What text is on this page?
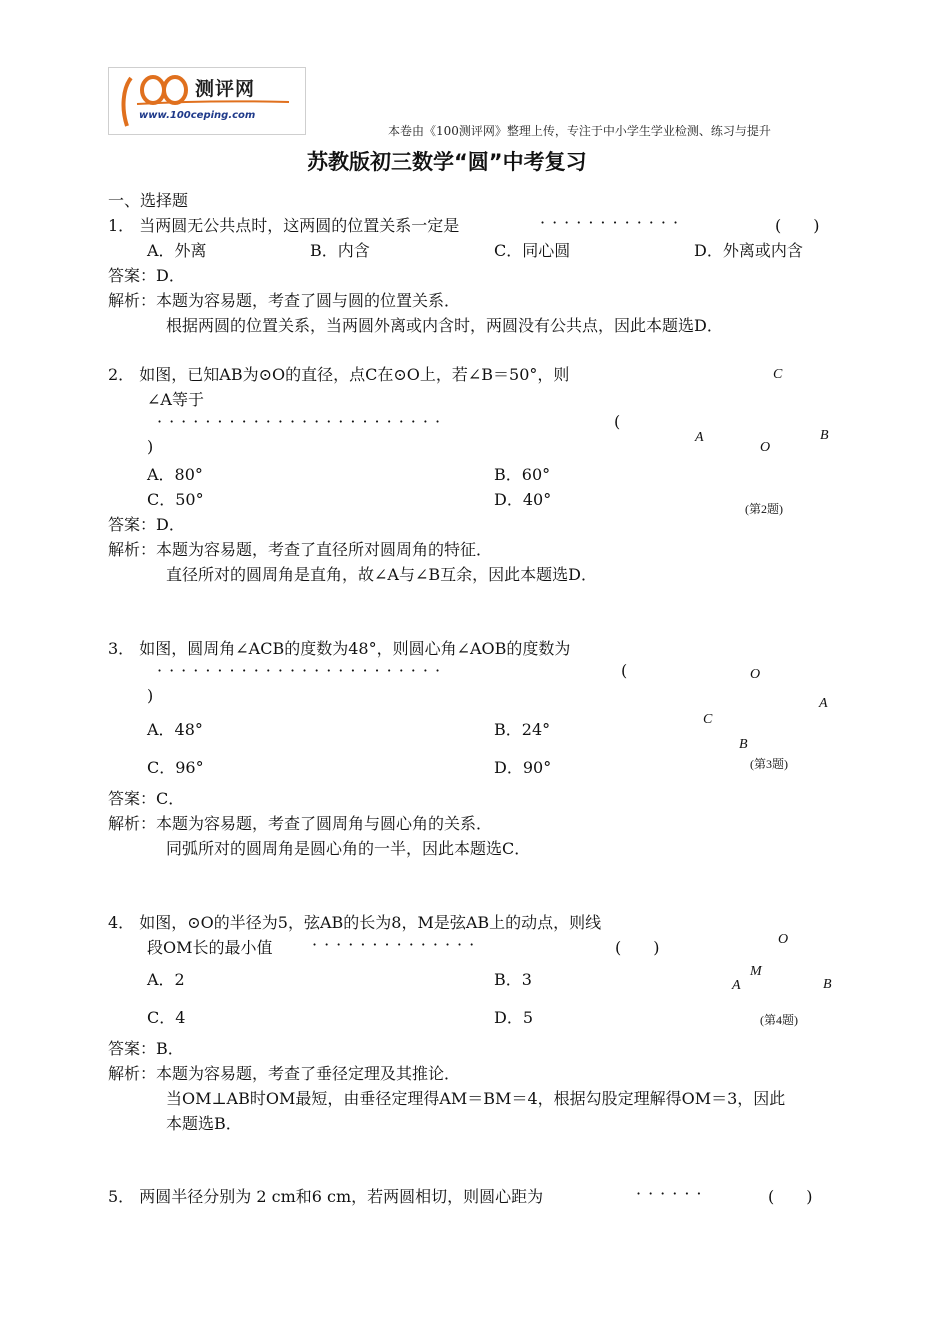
测评网
www.100ceping.com
本卷由《100测评网》整理上传，专注于中小学生学业检测、练习与提升
苏教版初三数学“圆”中考复习
一、选择题
1． 当两圆无公共点时，这两圆的位置关系一定是	············	(　　)
A．外离	B．内含	C．同心圆	D．外离或内含
答案：D．
解析：本题为容易题，考查了圆与圆的位置关系．
根据两圆的位置关系，当两圆外离或内含时，两圆没有公共点，因此本题选D．
2． 如图，已知AB为⊙O的直径，点C在⊙O上，若∠B＝50°，则
∠A等于
························	(
)
A．80°	B．60°
C．50°	D．40°
答案：D．
解析：本题为容易题，考查了直径所对圆周角的特征．
直径所对的圆周角是直角，故∠A与∠B互余，因此本题选D．
C
A
O
B
(第2题)
3． 如图，圆周角∠ACB的度数为48°，则圆心角∠AOB的度数为
························	(
)
A．48°	B．24°
C．96°	D．90°
答案：C．
解析：本题为容易题，考查了圆周角与圆心角的关系．
同弧所对的圆周角是圆心角的一半，因此本题选C．
O
A
C
B
(第3题)
4． 如图，⊙O的半径为5，弦AB的长为8，M是弦AB上的动点，则线
段OM长的最小值 ··············	(　　)
A．2	B．3
C．4	D．5
答案：B．
解析：本题为容易题，考查了垂径定理及其推论．
当OM⊥AB时OM最短，由垂径定理得AM＝BM＝4，根据勾股定理解得OM＝3，因此
本题选B．
O
M
A	B
(第4题)
5． 两圆半径分别为 2 cm和6 cm，若两圆相切，则圆心距为	······	(　　)
